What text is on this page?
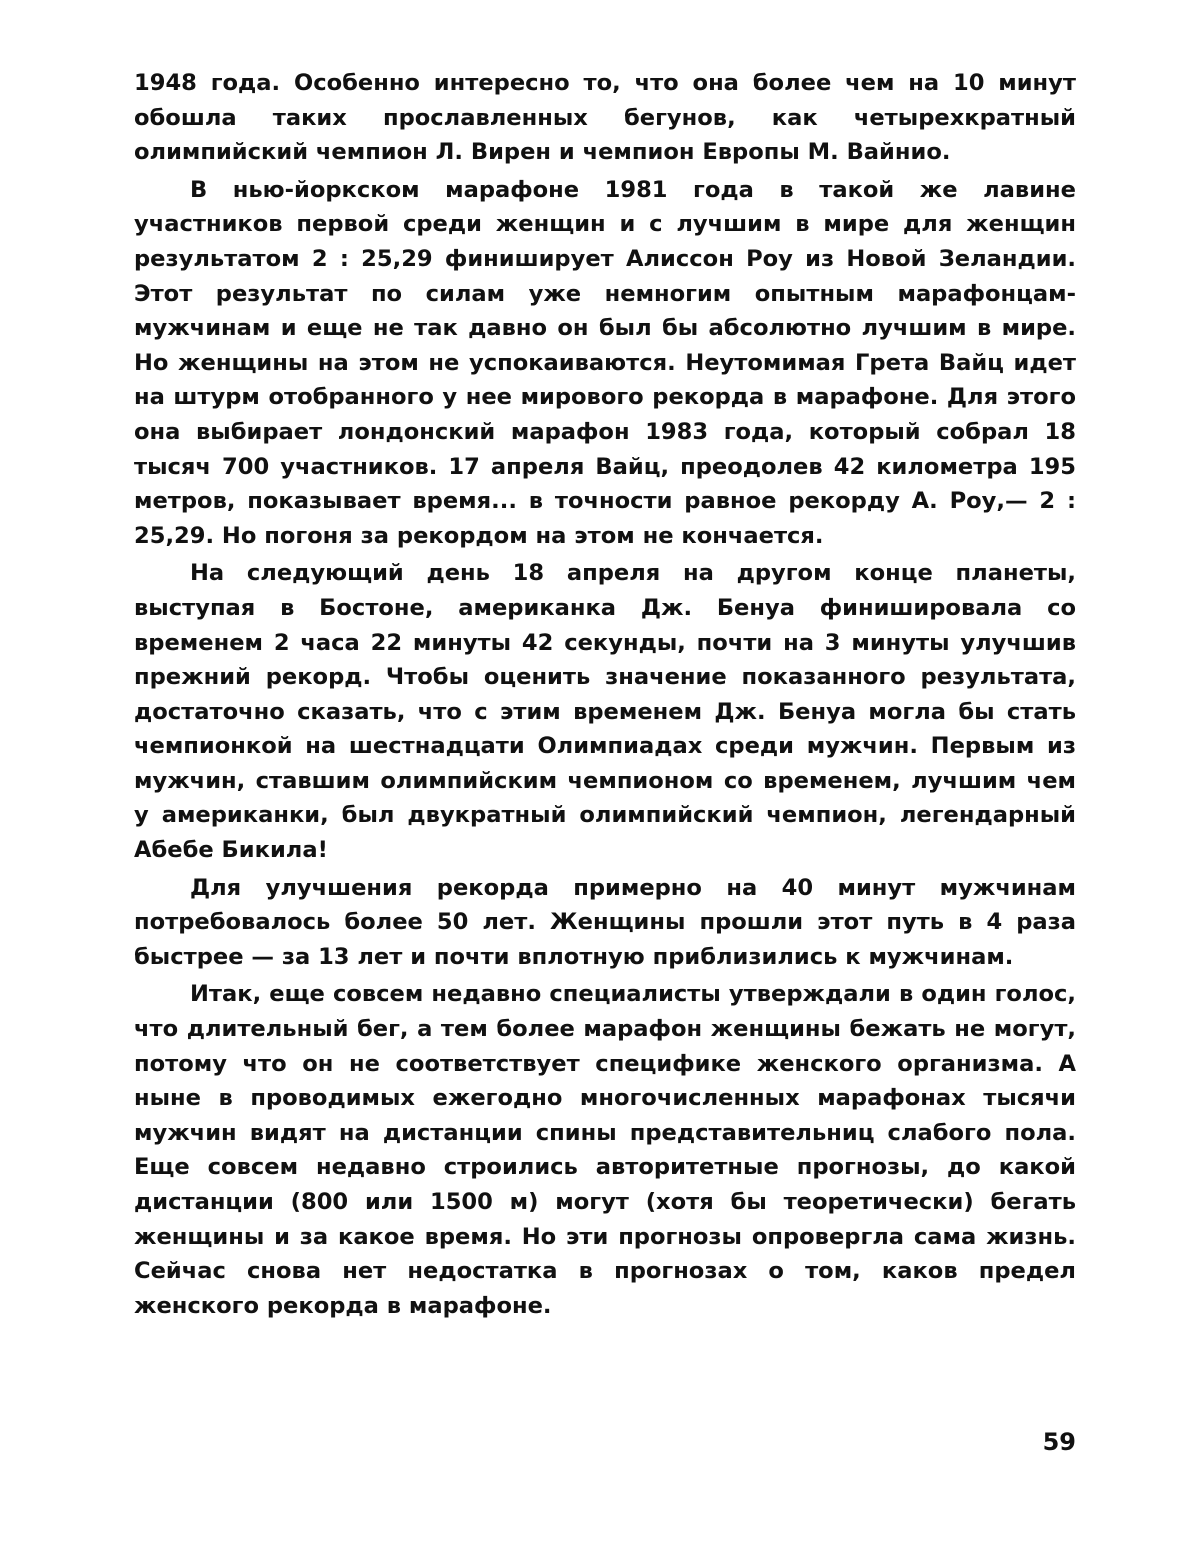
1948 года. Особенно интересно то, что она более чем на 10 минут обошла таких прославленных бегунов, как четырехкратный олимпийский чемпион Л. Вирен и чемпион Европы М. Вайнио.

В нью-йоркском марафоне 1981 года в такой же лавине участников первой среди женщин и с лучшим в мире для женщин результатом 2 : 25,29 финиширует Алиссон Роу из Новой Зеландии. Этот результат по силам уже немногим опытным марафонцам-мужчинам и еще не так давно он был бы абсолютно лучшим в мире. Но женщины на этом не успокаиваются. Неутомимая Грета Вайц идет на штурм отобранного у нее мирового рекорда в марафоне. Для этого она выбирает лондонский марафон 1983 года, который собрал 18 тысяч 700 участников. 17 апреля Вайц, преодолев 42 километра 195 метров, показывает время... в точности равное рекорду А. Роу,— 2 : 25,29. Но погоня за рекордом на этом не кончается.

На следующий день 18 апреля на другом конце планеты, выступая в Бостоне, американка Дж. Бенуа финишировала со временем 2 часа 22 минуты 42 секунды, почти на 3 минуты улучшив прежний рекорд. Чтобы оценить значение показанного результата, достаточно сказать, что с этим временем Дж. Бенуа могла бы стать чемпионкой на шестнадцати Олимпиадах среди мужчин. Первым из мужчин, ставшим олимпийским чемпионом со временем, лучшим чем у американки, был двукратный олимпийский чемпион, легендарный Абебе Бикила!

Для улучшения рекорда примерно на 40 минут мужчинам потребовалось более 50 лет. Женщины прошли этот путь в 4 раза быстрее — за 13 лет и почти вплотную приблизились к мужчинам.

Итак, еще совсем недавно специалисты утверждали в один голос, что длительный бег, а тем более марафон женщины бежать не могут, потому что он не соответствует специфике женского организма. А ныне в проводимых ежегодно многочисленных марафонах тысячи мужчин видят на дистанции спины представительниц слабого пола. Еще совсем недавно строились авторитетные прогнозы, до какой дистанции (800 или 1500 м) могут (хотя бы теоретически) бегать женщины и за какое время. Но эти прогнозы опровергла сама жизнь. Сейчас снова нет недостатка в прогнозах о том, каков предел женского рекорда в марафоне.

59
